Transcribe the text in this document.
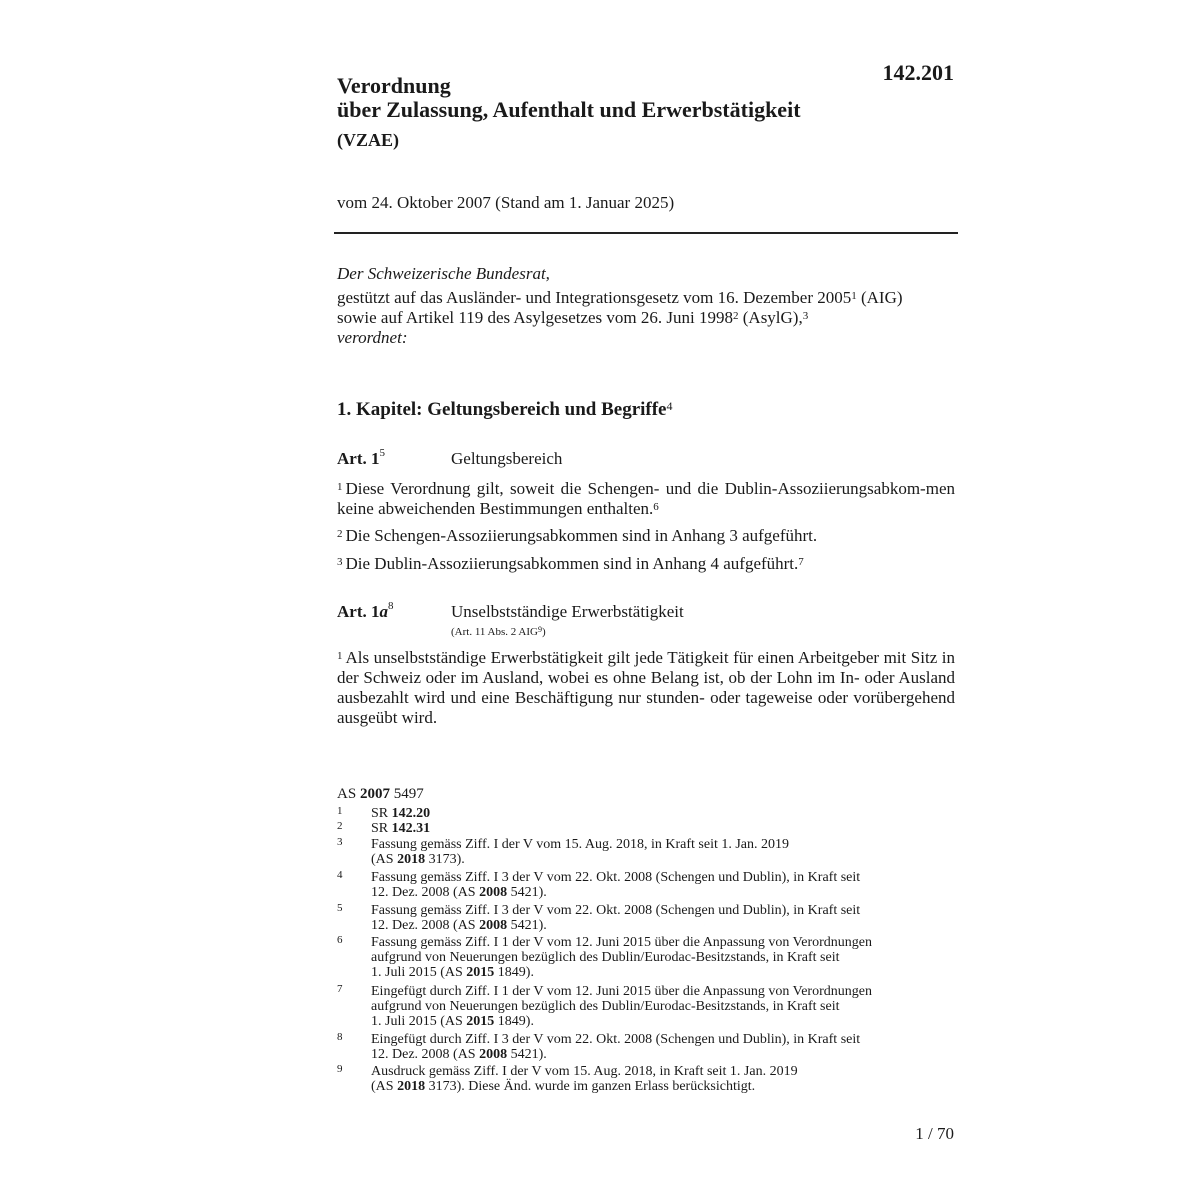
142.201
Verordnung
über Zulassung, Aufenthalt und Erwerbstätigkeit
(VZAE)
vom 24. Oktober 2007 (Stand am 1. Januar 2025)
Der Schweizerische Bundesrat,
gestützt auf das Ausländer- und Integrationsgesetz vom 16. Dezember 2005$^1$ (AIG)
sowie auf Artikel 119 des Asylgesetzes vom 26. Juni 1998$^2$ (AsylG),$^3$
verordnet:
1. Kapitel: Geltungsbereich und Begriffe$^4$
Art. $1^5$	Geltungsbereich
$^1$ Diese Verordnung gilt, soweit die Schengen- und die Dublin-Assoziierungsabkom-men keine abweichenden Bestimmungen enthalten.$^6$
$^2$ Die Schengen-Assoziierungsabkommen sind in Anhang 3 aufgeführt.
$^3$ Die Dublin-Assoziierungsabkommen sind in Anhang 4 aufgeführt.$^7$
Art. $1a^8$	Unselbstständige Erwerbstätigkeit
(Art. 11 Abs. 2 AIG$^9$)
$^1$ Als unselbstständige Erwerbstätigkeit gilt jede Tätigkeit für einen Arbeitgeber mit Sitz in der Schweiz oder im Ausland, wobei es ohne Belang ist, ob der Lohn im In- oder Ausland ausbezahlt wird und eine Beschäftigung nur stunden- oder tageweise oder vorübergehend ausgeübt wird.
AS 2007 5497
1 SR 142.20
2 SR 142.31
3 Fassung gemäss Ziff. I der V vom 15. Aug. 2018, in Kraft seit 1. Jan. 2019
(AS 2018 3173).
4 Fassung gemäss Ziff. I 3 der V vom 22. Okt. 2008 (Schengen und Dublin), in Kraft seit
12. Dez. 2008 (AS 2008 5421).
5 Fassung gemäss Ziff. I 3 der V vom 22. Okt. 2008 (Schengen und Dublin), in Kraft seit
12. Dez. 2008 (AS 2008 5421).
6 Fassung gemäss Ziff. I 1 der V vom 12. Juni 2015 über die Anpassung von Verordnungen
aufgrund von Neuerungen bezüglich des Dublin/Eurodac-Besitzstands, in Kraft seit
1. Juli 2015 (AS 2015 1849).
7 Eingefügt durch Ziff. I 1 der V vom 12. Juni 2015 über die Anpassung von Verordnungen
aufgrund von Neuerungen bezüglich des Dublin/Eurodac-Besitzstands, in Kraft seit
1. Juli 2015 (AS 2015 1849).
8 Eingefügt durch Ziff. I 3 der V vom 22. Okt. 2008 (Schengen und Dublin), in Kraft seit
12. Dez. 2008 (AS 2008 5421).
9 Ausdruck gemäss Ziff. I der V vom 15. Aug. 2018, in Kraft seit 1. Jan. 2019
(AS 2018 3173). Diese Änd. wurde im ganzen Erlass berücksichtigt.
1 / 70
